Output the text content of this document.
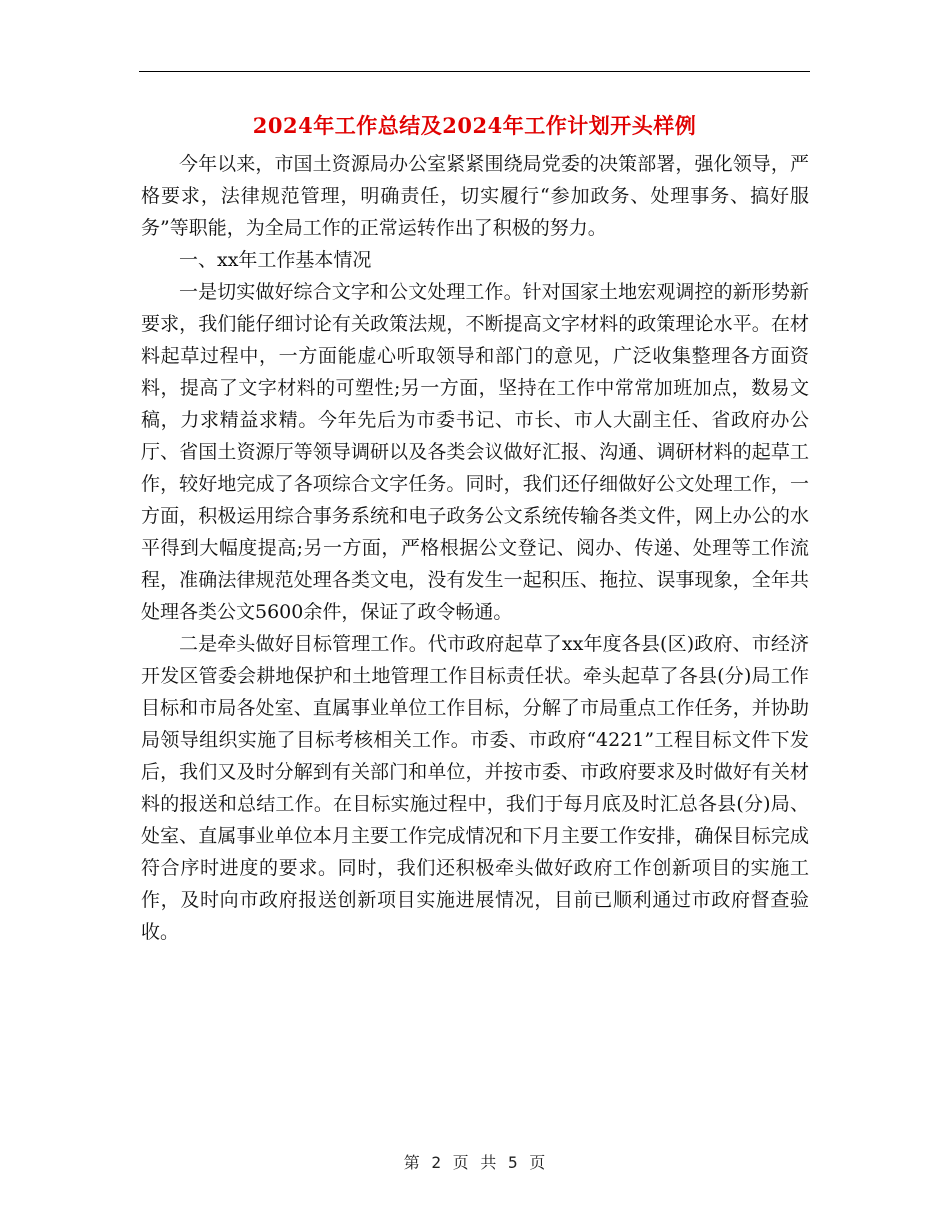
2024年工作总结及2024年工作计划开头样例

今年以来，市国土资源局办公室紧紧围绕局党委的决策部署，强化领导，严格要求，法律规范管理，明确责任，切实履行“参加政务、处理事务、搞好服务”等职能，为全局工作的正常运转作出了积极的努力。

一、xx年工作基本情况

一是切实做好综合文字和公文处理工作。针对国家土地宏观调控的新形势新要求，我们能仔细讨论有关政策法规，不断提高文字材料的政策理论水平。在材料起草过程中，一方面能虚心听取领导和部门的意见，广泛收集整理各方面资料，提高了文字材料的可塑性;另一方面，坚持在工作中常常加班加点，数易文稿，力求精益求精。今年先后为市委书记、市长、市人大副主任、省政府办公厅、省国土资源厅等领导调研以及各类会议做好汇报、沟通、调研材料的起草工作，较好地完成了各项综合文字任务。同时，我们还仔细做好公文处理工作，一方面，积极运用综合事务系统和电子政务公文系统传输各类文件，网上办公的水平得到大幅度提高;另一方面，严格根据公文登记、阅办、传递、处理等工作流程，准确法律规范处理各类文电，没有发生一起积压、拖拉、误事现象，全年共处理各类公文5600余件，保证了政令畅通。

二是牵头做好目标管理工作。代市政府起草了xx年度各县(区)政府、市经济开发区管委会耕地保护和土地管理工作目标责任状。牵头起草了各县(分)局工作目标和市局各处室、直属事业单位工作目标，分解了市局重点工作任务，并协助局领导组织实施了目标考核相关工作。市委、市政府“4221”工程目标文件下发后，我们又及时分解到有关部门和单位，并按市委、市政府要求及时做好有关材料的报送和总结工作。在目标实施过程中，我们于每月底及时汇总各县(分)局、处室、直属事业单位本月主要工作完成情况和下月主要工作安排，确保目标完成符合序时进度的要求。同时，我们还积极牵头做好政府工作创新项目的实施工作，及时向市政府报送创新项目实施进展情况，目前已顺利通过市政府督查验收。

第 2 页 共 5 页
